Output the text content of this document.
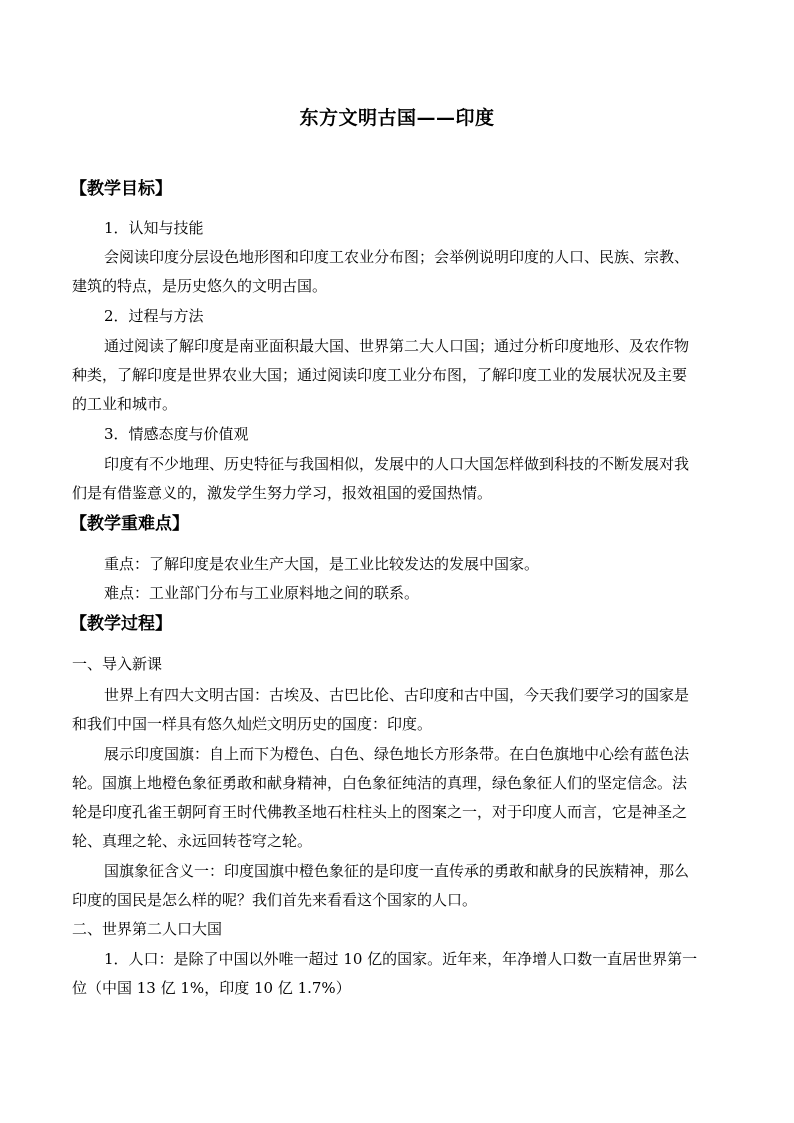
东方文明古国——印度
【教学目标】
1．认知与技能
会阅读印度分层设色地形图和印度工农业分布图；会举例说明印度的人口、民族、宗教、
建筑的特点，是历史悠久的文明古国。
2．过程与方法
通过阅读了解印度是南亚面积最大国、世界第二大人口国；通过分析印度地形、及农作物
种类，了解印度是世界农业大国；通过阅读印度工业分布图，了解印度工业的发展状况及主要
的工业和城市。
3．情感态度与价值观
印度有不少地理、历史特征与我国相似，发展中的人口大国怎样做到科技的不断发展对我
们是有借鉴意义的，激发学生努力学习，报效祖国的爱国热情。
【教学重难点】
重点：了解印度是农业生产大国，是工业比较发达的发展中国家。
难点：工业部门分布与工业原料地之间的联系。
【教学过程】
一、导入新课
世界上有四大文明古国：古埃及、古巴比伦、古印度和古中国，今天我们要学习的国家是
和我们中国一样具有悠久灿烂文明历史的国度：印度。
展示印度国旗：自上而下为橙色、白色、绿色地长方形条带。在白色旗地中心绘有蓝色法
轮。国旗上地橙色象征勇敢和献身精神，白色象征纯洁的真理，绿色象征人们的坚定信念。法
轮是印度孔雀王朝阿育王时代佛教圣地石柱柱头上的图案之一，对于印度人而言，它是神圣之
轮、真理之轮、永远回转苍穹之轮。
国旗象征含义一：印度国旗中橙色象征的是印度一直传承的勇敢和献身的民族精神，那么
印度的国民是怎么样的呢？我们首先来看看这个国家的人口。
二、世界第二人口大国
1．人口：是除了中国以外唯一超过 10 亿的国家。近年来，年净增人口数一直居世界第一
位（中国 13 亿 1%，印度 10 亿 1.7%）
